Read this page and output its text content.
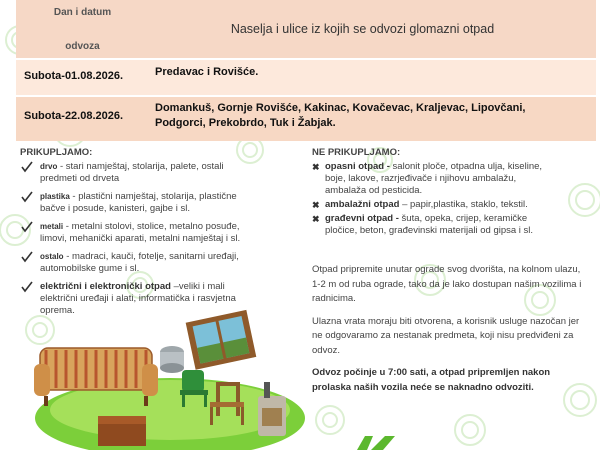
Dan i datum
odvoza
Naselja i ulice iz kojih se odvozi glomazni otpad
Subota-01.08.2026.	Predavac i Rovišće.
Subota-22.08.2026.
Domankuš, Gornje Rovišće, Kakinac, Kovačevac, Kraljevac, Lipovčani,
Podgorci, Prekobrdo, Tuk i Žabjak.
PRIKUPLJAMO:
drvo - stari namještaj, stolarija, palete, ostali
predmeti od drveta
plastika - plastični namještaj, stolarija, plastične
bačve i posude, kanisteri, gajbe i sl.
metali - metalni stolovi, stolice, metalno posuđe,
limovi, mehanički aparati, metalni namještaj i sl.
ostalo - madraci, kauči, fotelje, sanitarni uređaji,
automobilske gume i sl.
električni i elektronički otpad –veliki i mali
električni uređaji i alati, informatička i rasvjetna
oprema.
NE PRIKUPLJAMO:
✖ opasni otpad - salonit ploče, otpadna ulja, kiseline,
boje, lakove, razrjeđivače i njihovu ambalažu,
ambalaža od pesticida.
✖ ambalažni otpad – papir,plastika, staklo, tekstil.
✖ građevni otpad - šuta, opeka, crijep, keramičke
pločice, beton, građevinski materijali od gipsa i sl.
Otpad pripremite unutar ograde svog dvorišta, na kolnom ulazu, 1-2 m od ruba ograde, tako da je lako dostupan našim vozilima i radnicima.
Ulazna vrata moraju biti otvorena, a korisnik usluge nazočan jer ne odgovaramo za nestanak predmeta, koji nisu predviđeni za odvoz.
Odvoz počinje u 7:00 sati, a otpad pripremljen nakon prolaska naših vozila neće se naknadno odvoziti.
